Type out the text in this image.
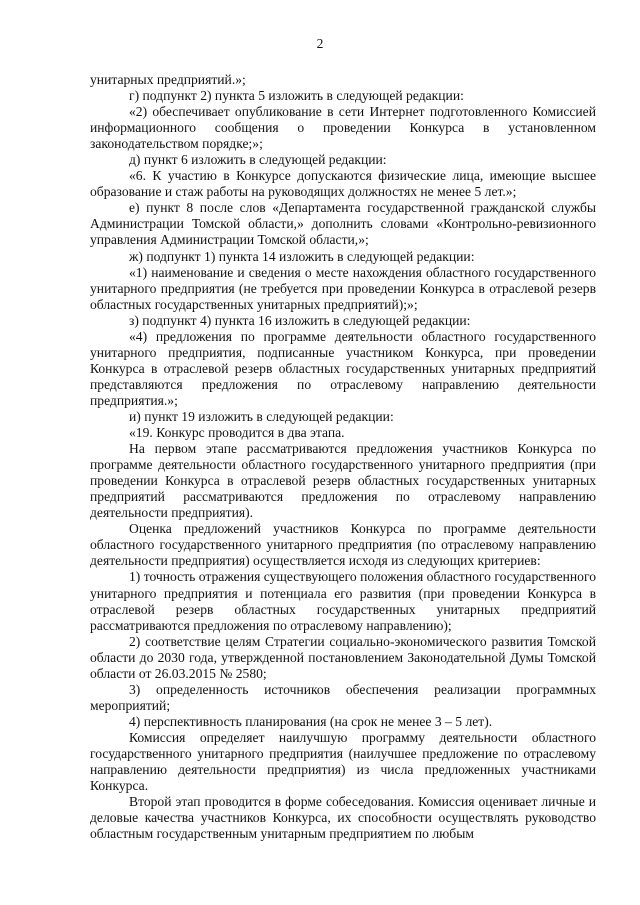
2

унитарных предприятий.»;

г) подпункт 2) пункта 5 изложить в следующей редакции:

«2) обеспечивает опубликование в сети Интернет подготовленного Комиссией информационного сообщения о проведении Конкурса в установленном законодательством порядке;»;

д) пункт 6 изложить в следующей редакции:

«6. К участию в Конкурсе допускаются физические лица, имеющие высшее образование и стаж работы на руководящих должностях не менее 5 лет.»;

е) пункт 8 после слов «Департамента государственной гражданской службы Администрации Томской области,» дополнить словами «Контрольно-ревизионного управления Администрации Томской области,»;

ж) подпункт 1) пункта 14 изложить в следующей редакции:

«1) наименование и сведения о месте нахождения областного государственного унитарного предприятия (не требуется при проведении Конкурса в отраслевой резерв областных государственных унитарных предприятий);»;

з) подпункт 4) пункта 16 изложить в следующей редакции:

«4) предложения по программе деятельности областного государственного унитарного предприятия, подписанные участником Конкурса, при проведении Конкурса в отраслевой резерв областных государственных унитарных предприятий представляются предложения по отраслевому направлению деятельности предприятия.»;

и) пункт 19 изложить в следующей редакции:

«19. Конкурс проводится в два этапа.

На первом этапе рассматриваются предложения участников Конкурса по программе деятельности областного государственного унитарного предприятия (при проведении Конкурса в отраслевой резерв областных государственных унитарных предприятий рассматриваются предложения по отраслевому направлению деятельности предприятия).

Оценка предложений участников Конкурса по программе деятельности областного государственного унитарного предприятия (по отраслевому направлению деятельности предприятия) осуществляется исходя из следующих критериев:

1) точность отражения существующего положения областного государственного унитарного предприятия и потенциала его развития (при проведении Конкурса в отраслевой резерв областных государственных унитарных предприятий рассматриваются предложения по отраслевому направлению);

2) соответствие целям Стратегии социально-экономического развития Томской области до 2030 года, утвержденной постановлением Законодательной Думы Томской области от 26.03.2015 № 2580;

3) определенность источников обеспечения реализации программных мероприятий;

4) перспективность планирования (на срок не менее 3 – 5 лет).

Комиссия определяет наилучшую программу деятельности областного государственного унитарного предприятия (наилучшее предложение по отраслевому направлению деятельности предприятия) из числа предложенных участниками Конкурса.

Второй этап проводится в форме собеседования. Комиссия оценивает личные и деловые качества участников Конкурса, их способности осуществлять руководство областным государственным унитарным предприятием по любым
